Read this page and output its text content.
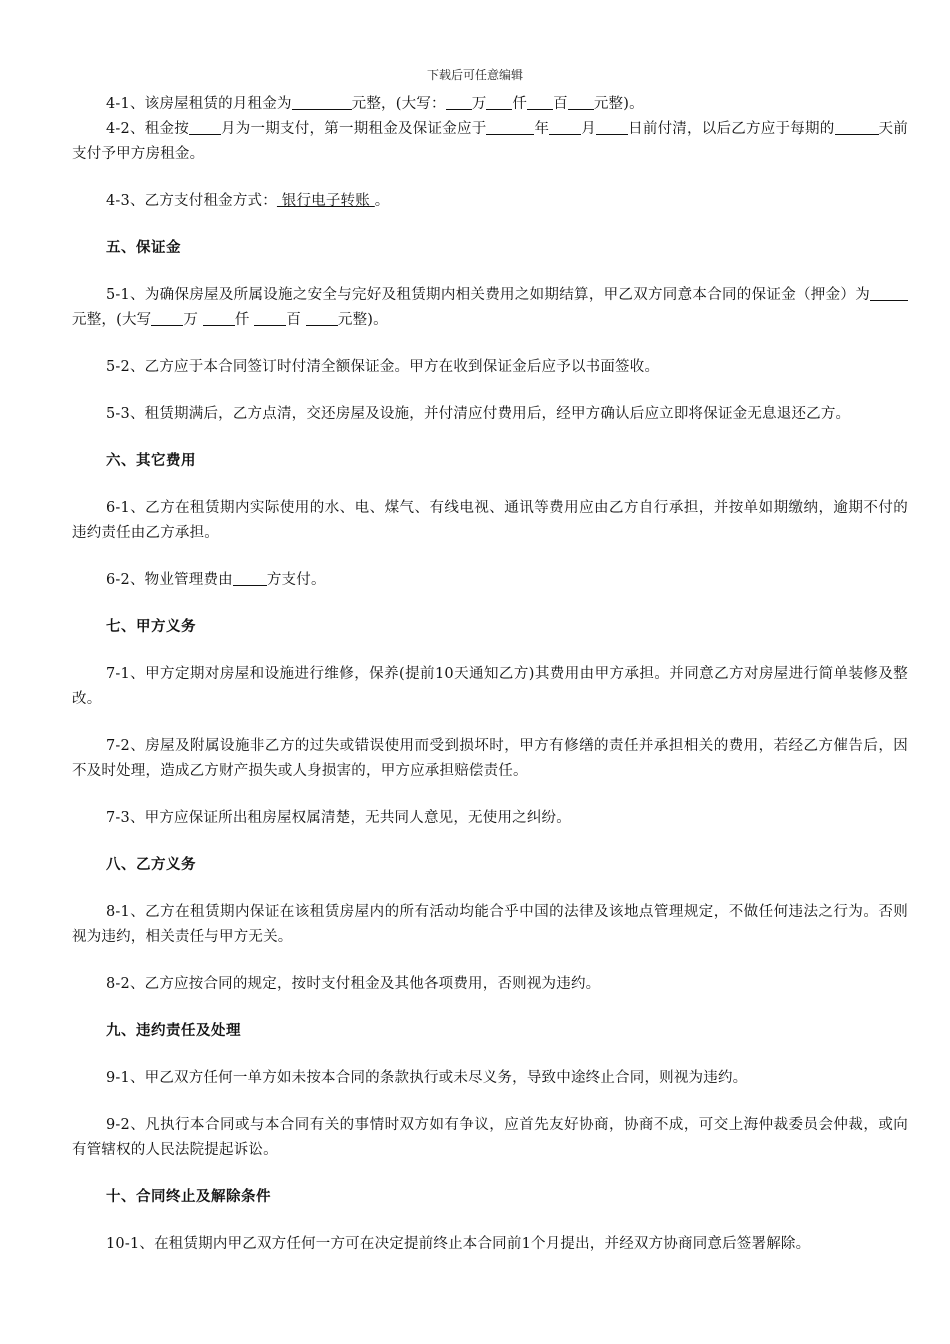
下载后可任意编辑

4-1、该房屋租赁的月租金为	元整，(大写： 万 仟 百 元整)。

4-2、租金按 月为一期支付，第一期租金及保证金应于	年 月 日前付清，以后乙方应于每期的	天前支付予甲方房租金。

4-3、乙方支付租金方式： 银行电子转账 。

五、保证金

5-1、为确保房屋及所属设施之安全与完好及租赁期内相关费用之如期结算，甲乙双方同意本合同的保证金（押金）为元整，(大写 万 仟 百 元整)。

5-2、乙方应于本合同签订时付清全额保证金。甲方在收到保证金后应予以书面签收。

5-3、租赁期满后，乙方点清，交还房屋及设施，并付清应付费用后，经甲方确认后应立即将保证金无息退还乙方。

六、其它费用

6-1、乙方在租赁期内实际使用的水、电、煤气、有线电视、通讯等费用应由乙方自行承担，并按单如期缴纳，逾期不付的违约责任由乙方承担。

6-2、物业管理费由 方支付。

七、甲方义务

7-1、甲方定期对房屋和设施进行维修，保养(提前10天通知乙方)其费用由甲方承担。并同意乙方对房屋进行简单装修及整改。

7-2、房屋及附属设施非乙方的过失或错误使用而受到损坏时，甲方有修缮的责任并承担相关的费用，若经乙方催告后，因不及时处理，造成乙方财产损失或人身损害的，甲方应承担赔偿责任。

7-3、甲方应保证所出租房屋权属清楚，无共同人意见，无使用之纠纷。

八、乙方义务

8-1、乙方在租赁期内保证在该租赁房屋内的所有活动均能合乎中国的法律及该地点管理规定，不做任何违法之行为。否则视为违约，相关责任与甲方无关。

8-2、乙方应按合同的规定，按时支付租金及其他各项费用，否则视为违约。

九、违约责任及处理

9-1、甲乙双方任何一单方如未按本合同的条款执行或未尽义务，导致中途终止合同，则视为违约。

9-2、凡执行本合同或与本合同有关的事情时双方如有争议，应首先友好协商，协商不成，可交上海仲裁委员会仲裁，或向有管辖权的人民法院提起诉讼。

十、合同终止及解除条件

10-1、在租赁期内甲乙双方任何一方可在决定提前终止本合同前1个月提出，并经双方协商同意后签署解除。
